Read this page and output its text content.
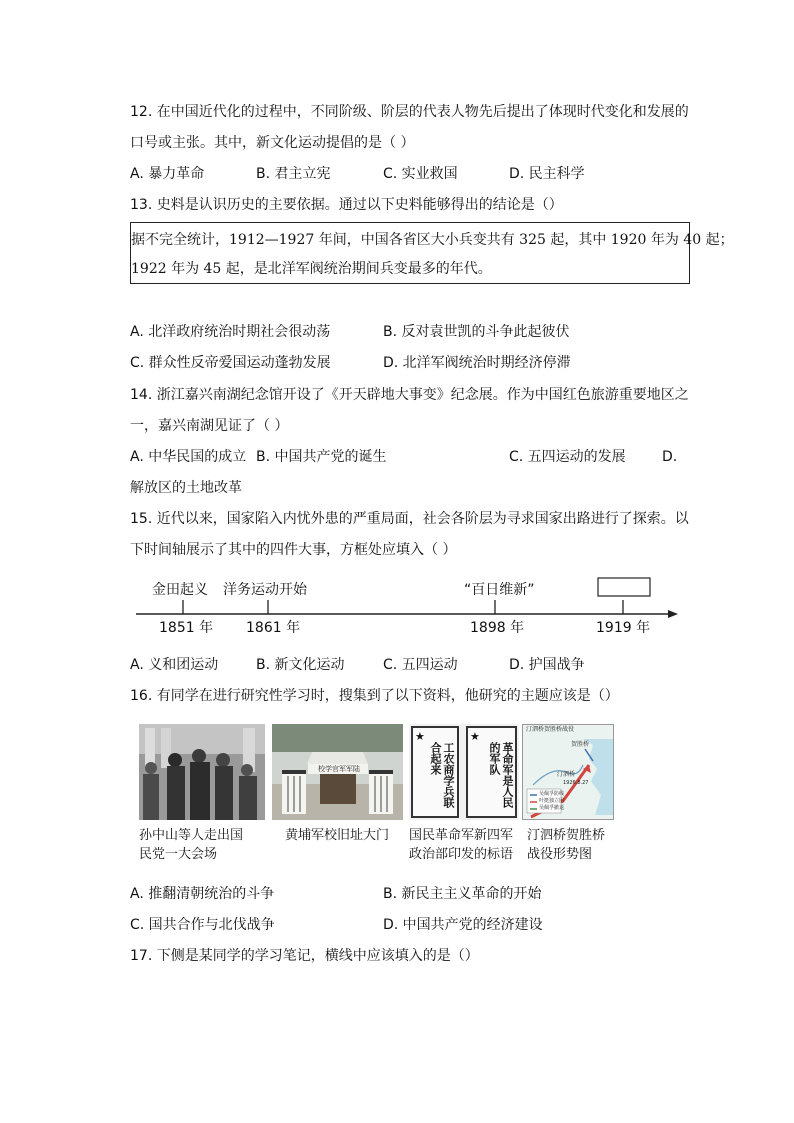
12. 在中国近代化的过程中，不同阶级、阶层的代表人物先后提出了体现时代变化和发展的
口号或主张。其中，新文化运动提倡的是（ ）
A. 暴力革命	B. 君主立宪	C. 实业救国	D. 民主科学
13. 史料是认识历史的主要依据。通过以下史料能够得出的结论是（）
据不完全统计，1912—1927 年间，中国各省区大小兵变共有 325 起，其中 1920 年为 40 起；
1922 年为 45 起，是北洋军阀统治期间兵变最多的年代。
A. 北洋政府统治时期社会很动荡	B. 反对袁世凯的斗争此起彼伏
C. 群众性反帝爱国运动蓬勃发展	D. 北洋军阀统治时期经济停滞
14. 浙江嘉兴南湖纪念馆开设了《开天辟地大事变》纪念展。作为中国红色旅游重要地区之
一，嘉兴南湖见证了（ ）
A. 中华民国的成立 B. 中国共产党的诞生	C. 五四运动的发展	D.
解放区的土地改革
15. 近代以来，国家陷入内忧外患的严重局面，社会各阶层为寻求国家出路进行了探索。以
下时间轴展示了其中的四件大事，方框处应填入（ ）
金田起义 洋务运动开始	“百日维新”
1851 年 1861 年	1898 年	1919 年
A. 义和团运动	B. 新文化运动	C. 五四运动	D. 护国战争
16. 有同学在进行研究性学习时，搜集到了以下资料，他研究的主题应该是（）
校学官军军陆
★
工农商学兵联合起来
★
革命军是人民的军队
汀泗桥贺胜桥战役
贺胜桥
汀泗桥
1926.8.27
吴佩孚防线
叶挺独立团
吴佩孚撤退
孙中山等人走出国
民党一大会场
黄埔军校旧址大门 国民革命军新四军
政治部印发的标语
汀泗桥贺胜桥
战役形势图
A. 推翻清朝统治的斗争	B. 新民主主义革命的开始
C. 国共合作与北伐战争	D. 中国共产党的经济建设
17. 下侧是某同学的学习笔记，横线中应该填入的是（）
